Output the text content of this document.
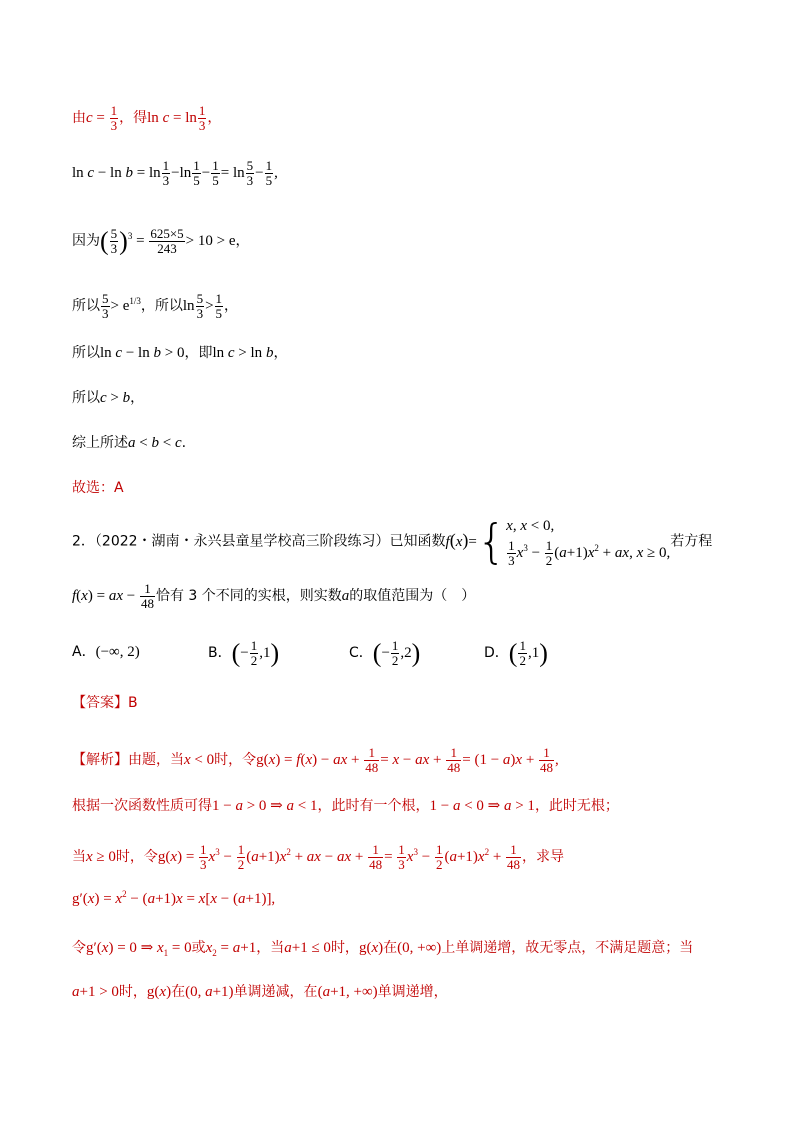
由$c = \frac{1}{3}$ ，得$\ln c = \ln \frac{1}{3}$ ，
$\ln c - \ln b = \ln \frac{1}{3} -\ln \frac{1}{5} - \frac{1}{5} = \ln \frac{5}{3} - \frac{1}{5}$ ,
因为( $\frac{5}{3} )^3 = \frac{625\times 5}{243} > 10 > e$，
所以 $\frac{5}{3} > e^{1/3}$，所以$\ln \frac{5}{3} > \frac{1}{5}$ ，
所以ln c − ln b > 0，即ln c > ln b，
所以c > b，
综上所述a < b < c.
故选：A
2．（2022・湖南・永兴县童星学校高三阶段练习）已知函数f(x)={ x, x < 0,
$\frac{1}{3} x^3 - \frac{1}{2} (a+1)x^2$ + ax, x ≥ 0,
若方程
f(x) = ax − $\frac{1}{48}$ 恰有 3 个不同的实根，则实数a的取值范围为（　）
A．(−∞, 2)	B．(− $\frac{1}{2} ,1$)	C．(− $\frac{1}{2} ,2$)	D．( $\frac{1}{2} ,1$)
【答案】B
【解析】由题，当x < 0时，令g(x) = f(x) − ax + $\frac{1}{48} = x$ − ax + $\frac{1}{48} = (1 - a)x + \frac{1}{48}$ ,
根据一次函数性质可得1 − a > 0 ⇒ a < 1，此时有一个根，1 − a < 0 ⇒ a > 1，此时无根；
当x ≥ 0时，令$g(x) = \frac{1}{3} x^3 - \frac{1}{2} (a+1)x^2$ + ax − ax + $\frac{1}{48} = \frac{1}{3} x^3 - \frac{1}{2} (a+1)x^2 + \frac{1}{48}$ ，求导
$g'(x) = x^2 - (a+1)x = x[x - (a+1)]$,
令g′(x) = 0 ⇒ $x_1 = 0$或$x_2 = a+1$，当a+1 ≤ 0时，g(x)在(0, +∞)上单调递增，故无零点，不满足题意；当
a+1 > 0时，g(x)在(0, a+1)单调递减，在(a+1, +∞)单调递增，
